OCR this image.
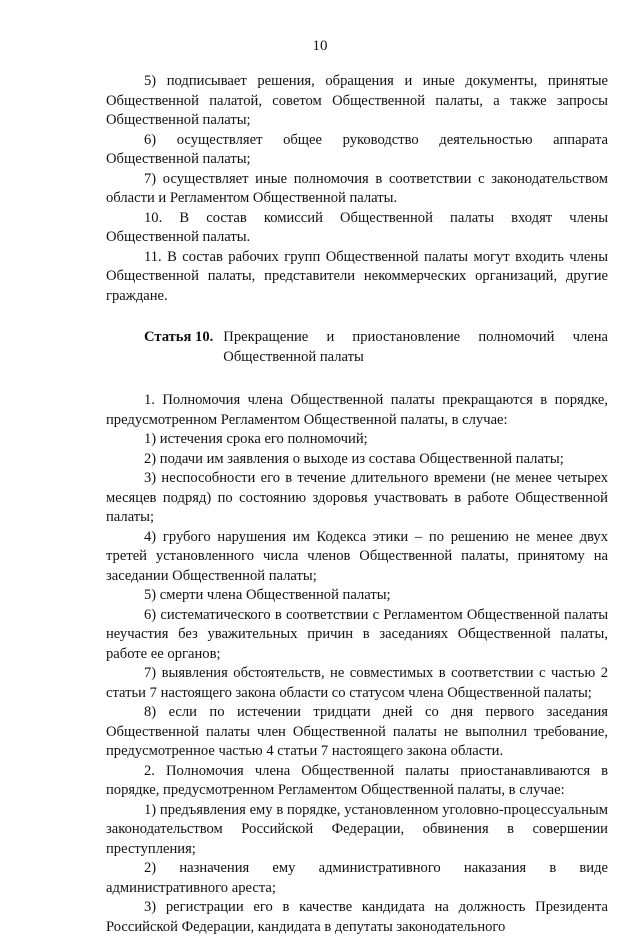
10

5) подписывает решения, обращения и иные документы, принятые Общественной палатой, советом Общественной палаты, а также запросы Общественной палаты;

6) осуществляет общее руководство деятельностью аппарата Общественной палаты;

7) осуществляет иные полномочия в соответствии с законодательством области и Регламентом Общественной палаты.

10. В состав комиссий Общественной палаты входят члены Общественной палаты.

11. В состав рабочих групп Общественной палаты могут входить члены Общественной палаты, представители некоммерческих организаций, другие граждане.

Статья 10. Прекращение и приостановление полномочий члена Общественной палаты

1. Полномочия члена Общественной палаты прекращаются в порядке, предусмотренном Регламентом Общественной палаты, в случае:

1) истечения срока его полномочий;

2) подачи им заявления о выходе из состава Общественной палаты;

3) неспособности его в течение длительного времени (не менее четырех месяцев подряд) по состоянию здоровья участвовать в работе Общественной палаты;

4) грубого нарушения им Кодекса этики – по решению не менее двух третей установленного числа членов Общественной палаты, принятому на заседании Общественной палаты;

5) смерти члена Общественной палаты;

6) систематического в соответствии с Регламентом Общественной палаты неучастия без уважительных причин в заседаниях Общественной палаты, работе ее органов;

7) выявления обстоятельств, не совместимых в соответствии с частью 2 статьи 7 настоящего закона области со статусом члена Общественной палаты;

8) если по истечении тридцати дней со дня первого заседания Общественной палаты член Общественной палаты не выполнил требование, предусмотренное частью 4 статьи 7 настоящего закона области.

2. Полномочия члена Общественной палаты приостанавливаются в порядке, предусмотренном Регламентом Общественной палаты, в случае:

1) предъявления ему в порядке, установленном уголовно-процессуальным законодательством Российской Федерации, обвинения в совершении преступления;

2) назначения ему административного наказания в виде административного ареста;

3) регистрации его в качестве кандидата на должность Президента Российской Федерации, кандидата в депутаты законодательного
